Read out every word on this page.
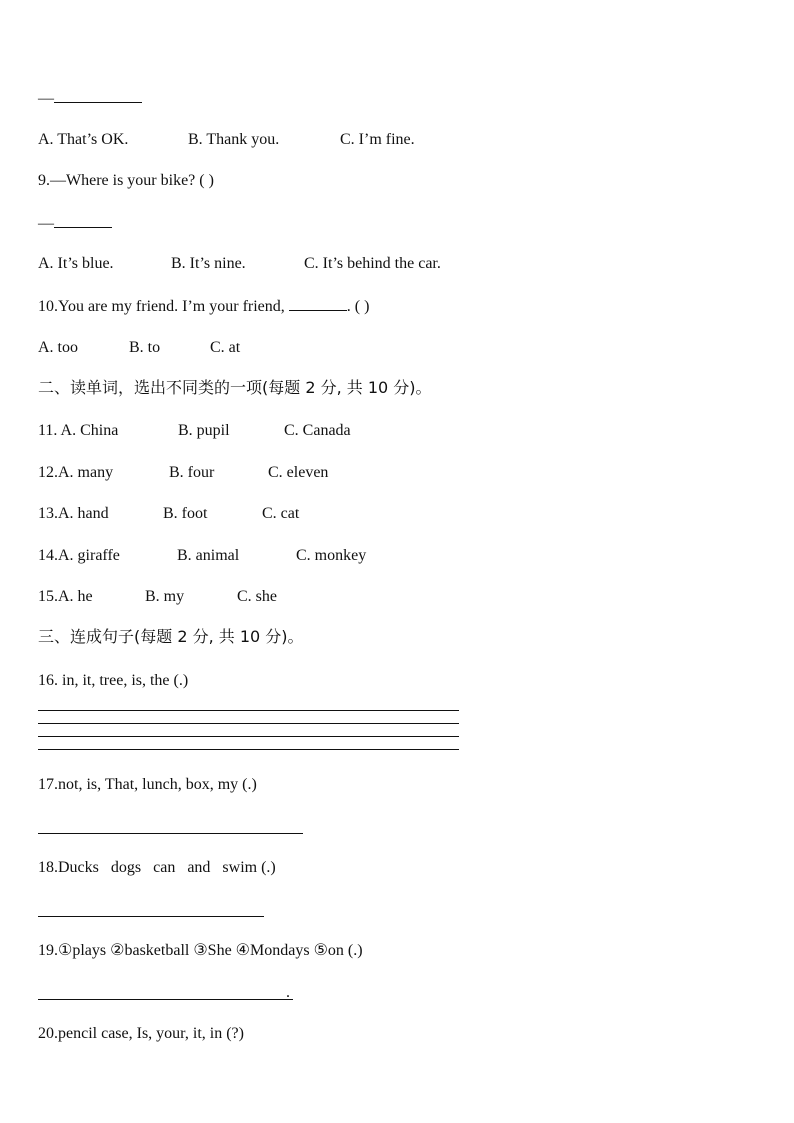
—
A. That’s OK.	B. Thank you.	C. I’m fine.
9.—Where is your bike? ( )
—
A. It’s blue.	B. It’s nine.	C. It’s behind the car.
10.You are my friend. I’m your friend,	. ( )
A. too	B. to	C. at
二、读单词，选出不同类的一项(每题 2 分, 共 10 分)。
11. A. China	B. pupil	C. Canada
12.A. many	B. four	C. eleven
13.A. hand	B. foot	C. cat
14.A. giraffe	B. animal	C. monkey
15.A. he	B. my	C. she
三、连成句子(每题 2 分, 共 10 分)。
16. in, it, tree, is, the (.)
17.not, is, That, lunch, box, my (.)
18.Ducks   dogs   can   and   swim (.)
19.①plays ②basketball ③She ④Mondays ⑤on (.)
.
20.pencil case, Is, your, it, in (?)
